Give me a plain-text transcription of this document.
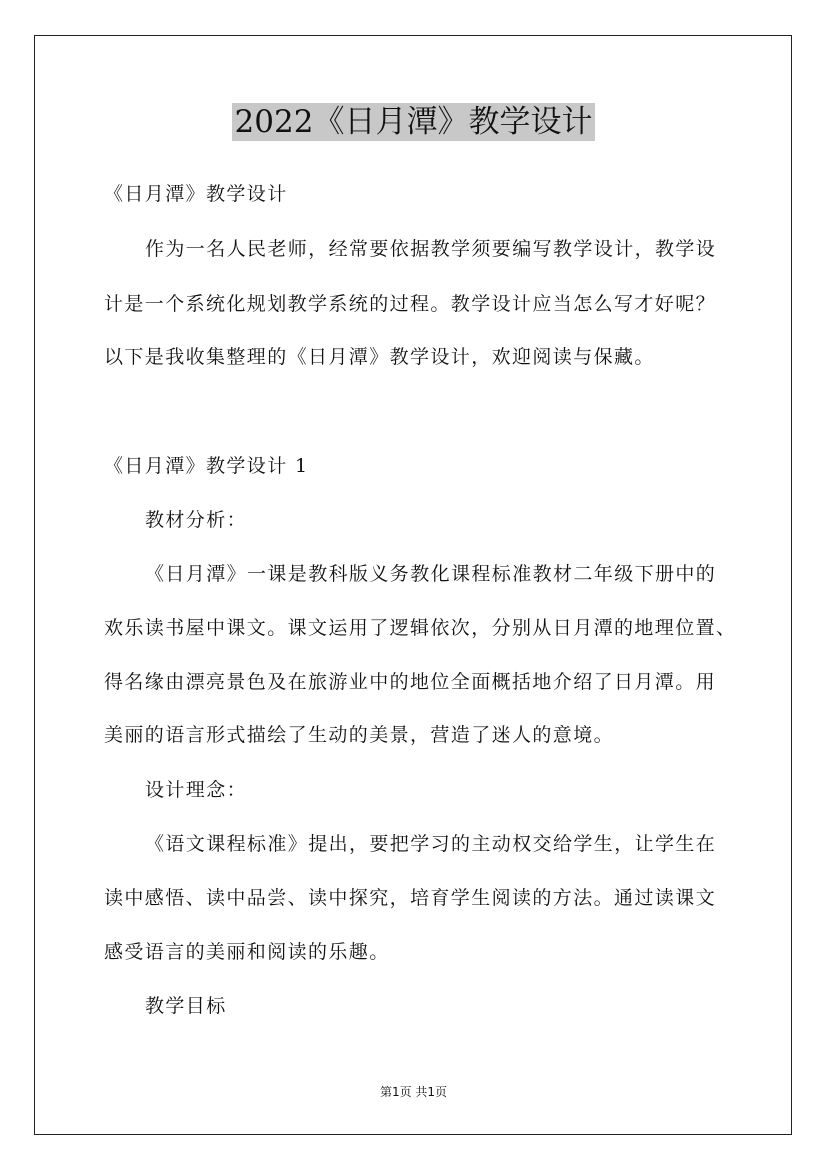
2022《日月潭》教学设计

《日月潭》教学设计

作为一名人民老师，经常要依据教学须要编写教学设计，教学设

计是一个系统化规划教学系统的过程。教学设计应当怎么写才好呢？

以下是我收集整理的《日月潭》教学设计，欢迎阅读与保藏。

《日月潭》教学设计 1

教材分析：

《日月潭》一课是教科版义务教化课程标准教材二年级下册中的

欢乐读书屋中课文。课文运用了逻辑依次，分别从日月潭的地理位置、

得名缘由漂亮景色及在旅游业中的地位全面概括地介绍了日月潭。用

美丽的语言形式描绘了生动的美景，营造了迷人的意境。

设计理念：

《语文课程标准》提出，要把学习的主动权交给学生，让学生在

读中感悟、读中品尝、读中探究，培育学生阅读的方法。通过读课文

感受语言的美丽和阅读的乐趣。

教学目标

第1页 共1页
